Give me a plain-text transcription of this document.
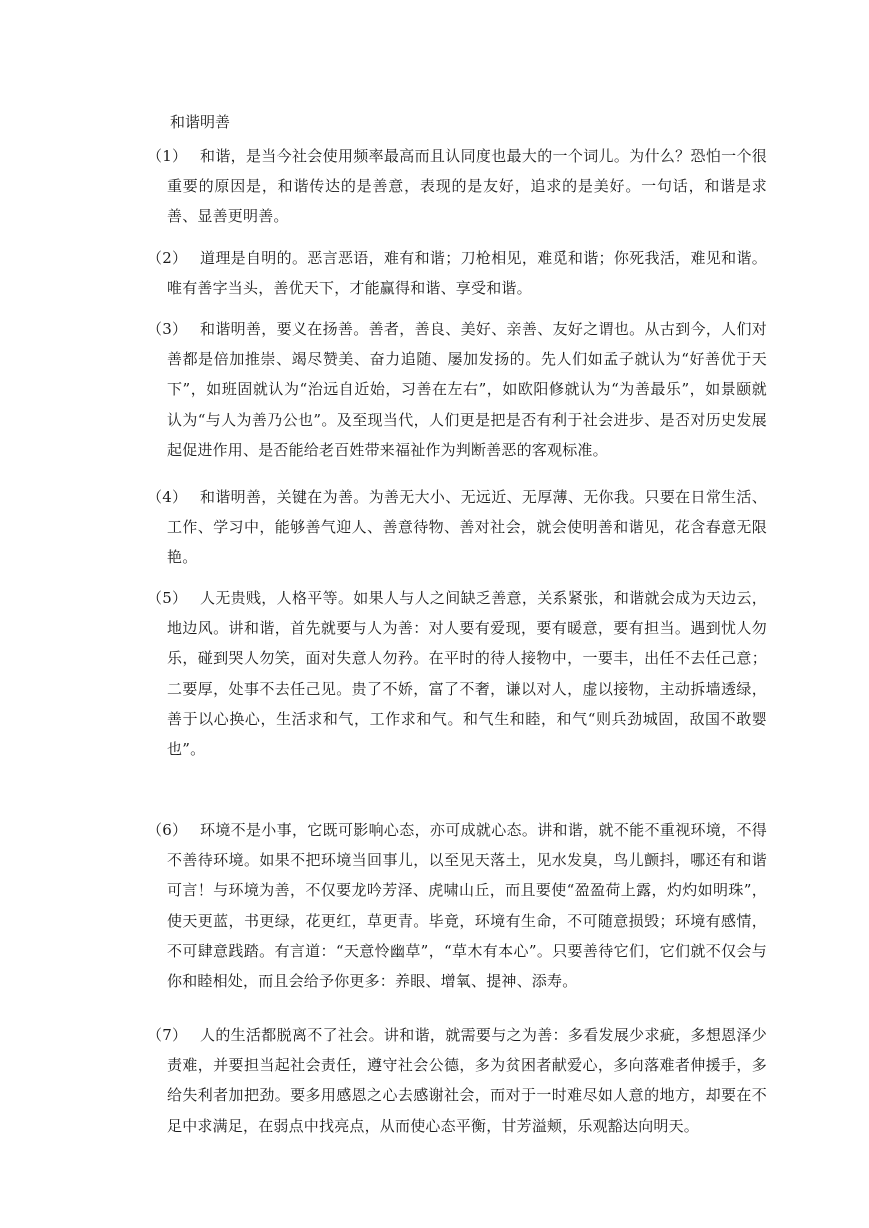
和谐明善
（1） 和谐，是当今社会使用频率最高而且认同度也最大的一个词儿。为什么？恐怕一个很重要的原因是，和谐传达的是善意，表现的是友好，追求的是美好。一句话，和谐是求善、显善更明善。
（2） 道理是自明的。恶言恶语，难有和谐；刀枪相见，难觅和谐；你死我活，难见和谐。唯有善字当头，善优天下，才能赢得和谐、享受和谐。
（3） 和谐明善，要义在扬善。善者，善良、美好、亲善、友好之谓也。从古到今，人们对善都是倍加推崇、竭尽赞美、奋力追随、屡加发扬的。先人们如孟子就认为“好善优于天下”，如班固就认为“治远自近始，习善在左右”，如欧阳修就认为“为善最乐”，如景颐就认为“与人为善乃公也”。及至现当代，人们更是把是否有利于社会进步、是否对历史发展起促进作用、是否能给老百姓带来福祉作为判断善恶的客观标准。
（4） 和谐明善，关键在为善。为善无大小、无远近、无厚薄、无你我。只要在日常生活、工作、学习中，能够善气迎人、善意待物、善对社会，就会使明善和谐见，花含春意无限艳。
（5） 人无贵贱，人格平等。如果人与人之间缺乏善意，关系紧张，和谐就会成为天边云，地边风。讲和谐，首先就要与人为善：对人要有爱现，要有暖意，要有担当。遇到忧人勿乐，碰到哭人勿笑，面对失意人勿矜。在平时的待人接物中，一要丰，出任不去任己意；二要厚，处事不去任己见。贵了不娇，富了不奢，谦以对人，虚以接物，主动拆墙透绿，善于以心换心，生活求和气，工作求和气。和气生和睦，和气“则兵劲城固，敌国不敢婴也”。
（6） 环境不是小事，它既可影响心态，亦可成就心态。讲和谐，就不能不重视环境，不得不善待环境。如果不把环境当回事儿，以至见天落土，见水发臭，鸟儿颤抖，哪还有和谐可言！与环境为善，不仅要龙吟芳泽、虎啸山丘，而且要使“盈盈荷上露，灼灼如明珠”，使天更蓝，书更绿，花更红，草更青。毕竟，环境有生命，不可随意损毁；环境有感情，不可肆意践踏。有言道：“天意怜幽草”，“草木有本心”。只要善待它们，它们就不仅会与你和睦相处，而且会给予你更多：养眼、增氧、提神、添寿。
（7） 人的生活都脱离不了社会。讲和谐，就需要与之为善：多看发展少求疵，多想恩泽少责难，并要担当起社会责任，遵守社会公德，多为贫困者献爱心，多向落难者伸援手，多给失利者加把劲。要多用感恩之心去感谢社会，而对于一时难尽如人意的地方，却要在不足中求满足，在弱点中找亮点，从而使心态平衡，甘芳溢颊，乐观豁达向明天。
